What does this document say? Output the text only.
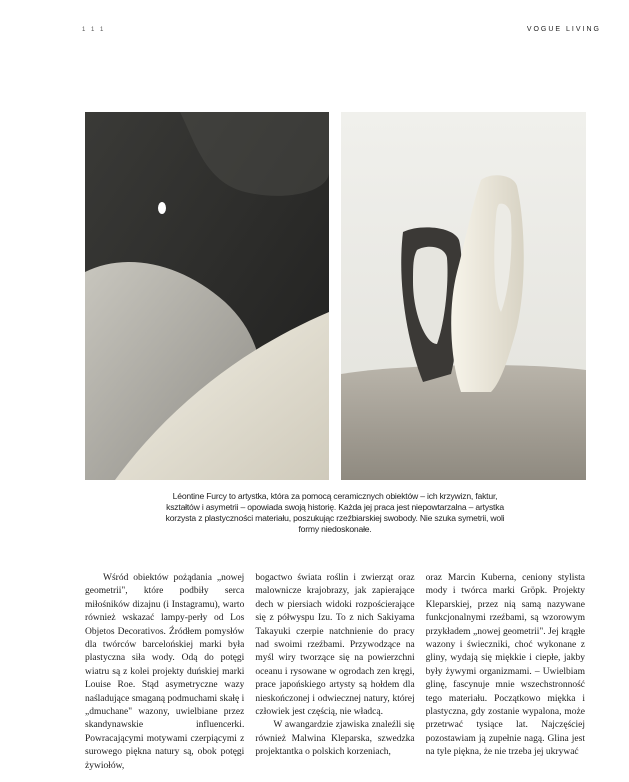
1 1 1	VOGUE LIVING
Léontine Furcy to artystka, która za pomocą ceramicznych obiektów – ich krzywizn, faktur, kształtów i asymetrii – opowiada swoją historię. Każda jej praca jest niepowtarzalna – artystka korzysta z plastyczności materiału, poszukując rzeźbiarskiej swobody. Nie szuka symetrii, woli formy niedoskonałe.

Wśród obiektów pożądania „nowej geometrii", które podbiły serca miłośników dizajnu (i Instagramu), warto również wskazać lampy-perły od Los Objetos Decorativos. Źródłem pomysłów dla twórców barcelońskiej marki była plastyczna siła wody. Odą do potęgi wiatru są z kolei projekty duńskiej marki Louise Roe. Stąd asymetryczne wazy naśladujące smaganą podmuchami skałę i „dmuchane" wazony, uwielbiane przez skandynawskie influencerki. Powracającymi motywami czerpiącymi z surowego piękna natury są, obok potęgi żywiołów,

bogactwo świata roślin i zwierząt oraz malownicze krajobrazy, jak zapierające dech w piersiach widoki rozpościerające się z półwyspu Izu. To z nich Sakiyama Takayuki czerpie natchnienie do pracy nad swoimi rzeźbami. Przywodzące na myśl wiry tworzące się na powierzchni oceanu i rysowane w ogrodach zen kręgi, prace japońskiego artysty są hołdem dla nieskończonej i odwiecznej natury, której człowiek jest częścią, nie władcą.

W awangardzie zjawiska znaleźli się również Malwina Kleparska, szwedzka projektantka o polskich korzeniach,

oraz Marcin Kuberna, ceniony stylista mody i twórca marki Gröpk. Projekty Kleparskiej, przez nią samą nazywane funkcjonalnymi rzeźbami, są wzorowym przykładem „nowej geometrii". Jej krągłe wazony i świeczniki, choć wykonane z gliny, wydają się miękkie i ciepłe, jakby były żywymi organizmami. – Uwielbiam glinę, fascynuje mnie wszechstronność tego materiału. Początkowo miękka i plastyczna, gdy zostanie wypalona, może przetrwać tysiące lat. Najczęściej pozostawiam ją zupełnie nagą. Glina jest na tyle piękna, że nie trzeba jej ukrywać
